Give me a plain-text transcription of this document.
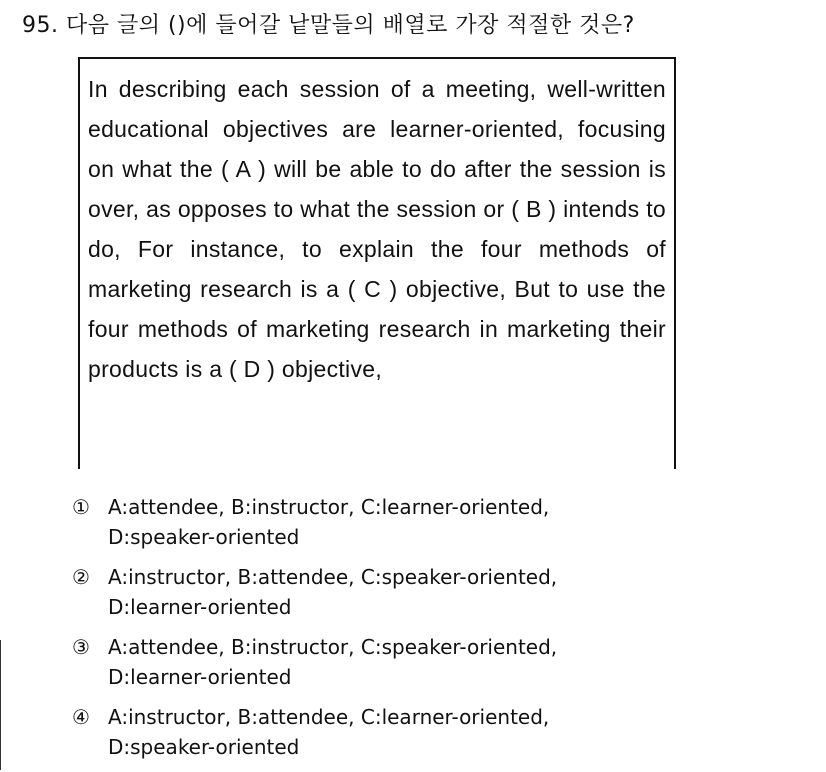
95. 다음 글의 ()에 들어갈 낱말들의 배열로 가장 적절한 것은?
In describing each session of a meeting, well-written educational objectives are learner-oriented, focusing on what the ( A ) will be able to do after the session is over, as opposes to what the session or ( B ) intends to do, For instance, to explain the four methods of marketing research is a ( C ) objective, But to use the four methods of marketing research in marketing their products is a ( D ) objective,
① A:attendee, B:instructor, C:learner-oriented,
D:speaker-oriented
② A:instructor, B:attendee, C:speaker-oriented,
D:learner-oriented
③ A:attendee, B:instructor, C:speaker-oriented,
D:learner-oriented
④ A:instructor, B:attendee, C:learner-oriented,
D:speaker-oriented
